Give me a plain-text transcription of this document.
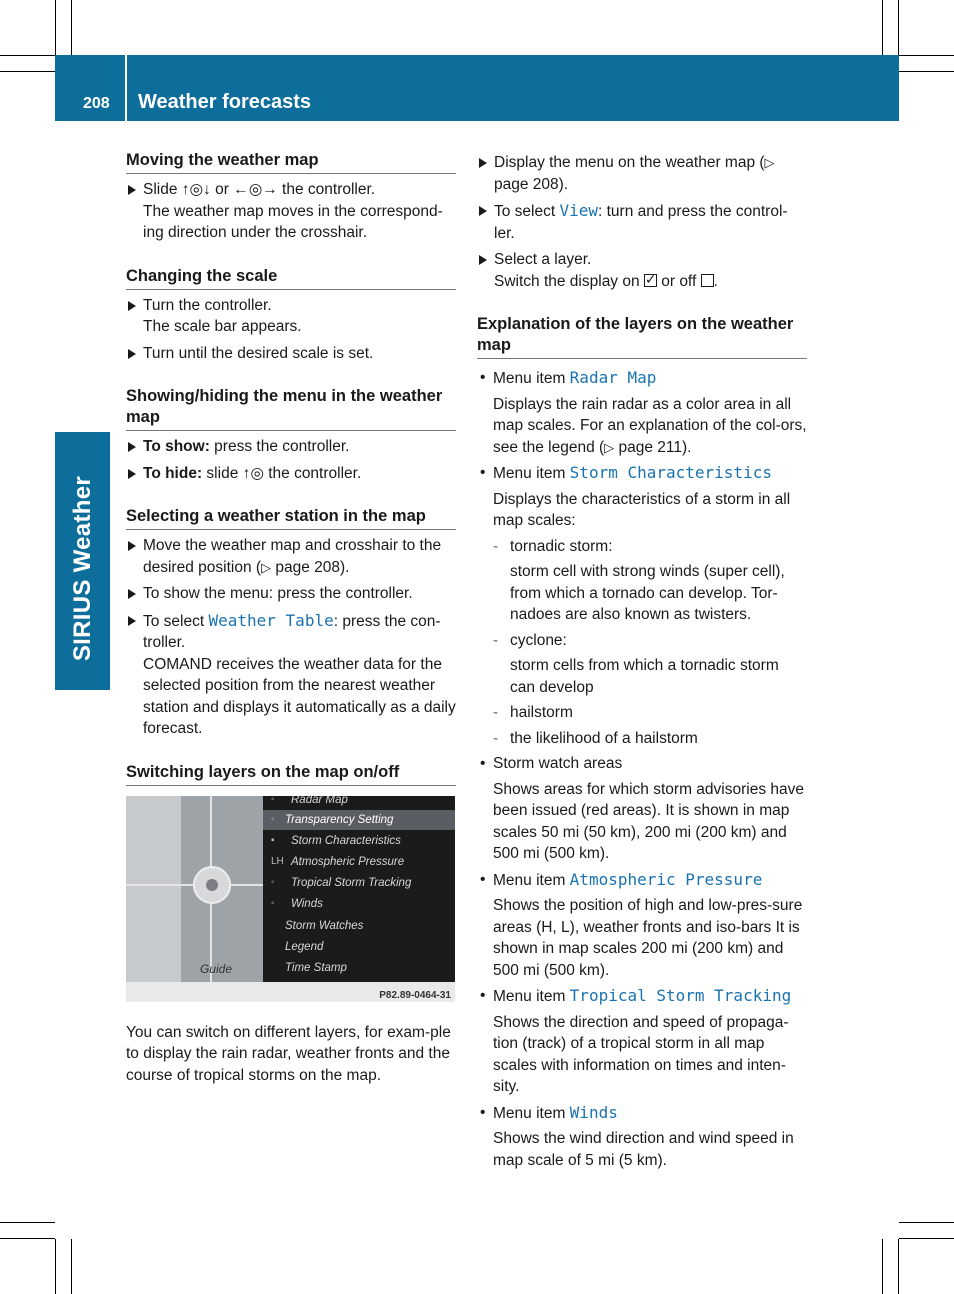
208 Weather forecasts
SIRIUS Weather
Moving the weather map
Slide ↑◎↓ or ←◎→ the controller.
The weather map moves in the correspond-ing direction under the crosshair.
Changing the scale
Turn the controller.
The scale bar appears.
Turn until the desired scale is set.
Showing/hiding the menu in the weather map
To show: press the controller.
To hide: slide ↑◎ the controller.
Selecting a weather station in the map
Move the weather map and crosshair to the desired position (▷ page 208).
To show the menu: press the controller.
To select Weather Table: press the con-troller.
COMAND receives the weather data for the selected position from the nearest weather station and displays it automatically as a daily forecast.
Switching layers on the map on/off
Guide
◦	Radar Map
◦ Transparency Setting
▪	Storm Characteristics
LH Atmospheric Pressure
◦	Tropical Storm Tracking
◦	Winds
Storm Watches
Legend
Time Stamp
P82.89-0464-31
You can switch on different layers, for exam-ple to display the rain radar, weather fronts and the course of tropical storms on the map.
Display the menu on the weather map (▷ page 208).
To select View: turn and press the control-ler.
Select a layer.
Switch the display on ✓ or off .
Explanation of the layers on the weather map
• Menu item Radar Map
Displays the rain radar as a color area in all map scales. For an explanation of the col-ors, see the legend (▷ page 211).
• Menu item Storm Characteristics
Displays the characteristics of a storm in all map scales:
- tornadic storm:
storm cell with strong winds (super cell), from which a tornado can develop. Tor-nadoes are also known as twisters.
- cyclone:
storm cells from which a tornadic storm can develop
- hailstorm
- the likelihood of a hailstorm
• Storm watch areas
Shows areas for which storm advisories have been issued (red areas). It is shown in map scales 50 mi (50 km), 200 mi (200 km) and 500 mi (500 km).
• Menu item Atmospheric Pressure
Shows the position of high and low-pres-sure areas (H, L), weather fronts and iso-bars It is shown in map scales 200 mi (200 km) and 500 mi (500 km).
• Menu item Tropical Storm Tracking
Shows the direction and speed of propaga-tion (track) of a tropical storm in all map scales with information on times and inten-sity.
• Menu item Winds
Shows the wind direction and wind speed in map scale of 5 mi (5 km).
